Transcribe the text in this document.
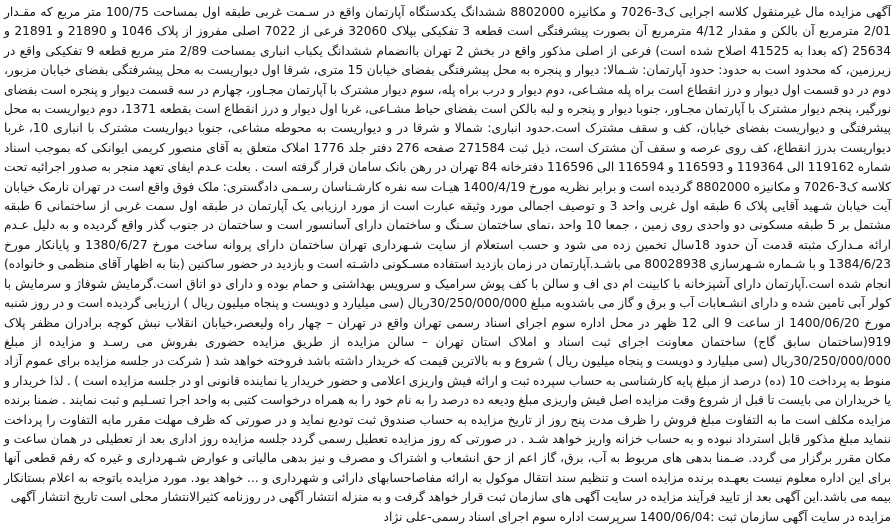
آگهی مزایده مال غیرمنقول کلاسه اجرایی ک3-7026 و مکانیزه 8802000 ششدانگ یکدستگاه آپارتمان واقع در سـمت غربی طبقه اول بمساحت 100/75 متر مربع که مقـدار 2/01 مترمربع آن بالکن و مقدار 4/12 مترمربع آن بصورت پیشرفتگی است قطعه 3 تفکیکی بپلاک 32060 فرعی از 7022 اصلی مفروز از پلاک 1046 و 21890 و 21891 و 25634 (که بعدا به 41525 اصلاح شده است) فرعی از اصلی مذکور واقع در بخش 2 تهران باانضمام ششدانگ یکباب انباری بمساحت 2/89 متر مربع قطعه 9 تفکیکی واقع در زیرزمین، که محدود است به حدود: حدود آپارتمان: شـمالا: دیوار و پنجره به محل پیشرفتگی بفضای خیابان 15 متری، شرقا اول دیواریست به محل پیشرفتگی بفضای خیابان مزبور، دوم در دو قسمت اول دیوار و درز انقطاع است براه پله مشـاعی، دوم دیوار و درب براه پله، سوم دیوار مشترک با آپارتمان مجـاور، چهارم در سه قسمت دیوار و پنجره است بفضای نورگیر، پنجم دیوار مشترک با آپارتمان مجـاور، جنوبا دیوار و پنجره و لبه بالکن است بفضای حیاط مشـاعی، غربا اول دیوار و درز انقطاع است بقطعه 1371، دوم دیواریست به محل پیشرفتگی و دیواریست بفضای خیابان، کف و سقف مشترک است.حدود انباری: شمالا و شرقا در و دیواریست به محوطه مشاعی، جنوبا دیواریست مشترک با انباری 10، غربا دیواریست بدرز انقطاع، کف روی عرصه و سقف آن مشترک است، ذیل ثبت 271584 صفحه 276 دفتر جلد 1776 املاک متعلق به آقای منصور کریمی ایوانکی که بموجب اسناد شماره 119162 الی 119364 و 116593 و 116594 الی 116596 دفترخانه 84 تهران در رهن بانک سامان قرار گرفته است . بعلت عـدم ایفای تعهد منجر به صدور اجرائیه تحت کلاسه ک3-7026 و مکانیزه 8802000 گردیده است و برابر نظریه مورخ 1400/4/19 هیـات سه نفره کارشـناسان رسـمی دادگستری: ملک فوق واقع است در تهران نارمک خیابان آیت خیابان شـهید آقایی پلاک 6 طبقه اول غربی واحد 3 و توصیف اجمالی مورد وثیقه عبارت است از مورد ارزیابی یک آپارتمان در طبقه اول سمت غربی از ساختمانی 6 طبقه مشتمل بر 5 طبقه مسکونی دو واحدی روی زمین ، جمعا 10 واحد ،نمای ساختمان سـنگ و ساختمان دارای آسانسور است و ساختمان در جنوب گذر واقع گردیده و به دلیل عـدم ارائه مـدارک مثبته قدمت آن حدود 18سال تخمین زده می شود و حسب استعلام از سایت شـهرداری تهران ساختمان دارای پروانه ساخت مورخ 1380/6/27 و پایانکار مورخ 1384/6/23 و با شـماره شـهرسازی 80028938 می باشـد.آپارتمان در زمان بازدید استفاده مسـکونی داشـته است و بازدید در حضور ساکنین (بنا به اظهار آقای منظمی و خانواده) انجام شده است.آپارتمان دارای آشپزخانه با کابینت ام دی اف و سالن با کف پوش سرامیک و سرویس بهداشتی و حمام بوده و دارای دو اتاق است.گرمایش شوفاژ و سرمایش با کولر آبی تامین شده و دارای انشـعابات آب و برق و گاز می باشدوبه مبلغ 30/250/000/000ریال (سی میلیارد و دویست و پنجاه میلیون ریال ) ارزیابی گردیده است و در روز شنبه مورخ 1400/06/20 از ساعت 9 الی 12 ظهر در محل اداره سوم اجرای اسناد رسمی تهران واقع در تهران – چهار راه ولیعصر،خیابان انقلاب نبش کوچه برادران مظفر پلاک 919(ساختمان سابق گاج) ساختمان معاونت اجرای ثبت اسناد و املاک استان تهران – سالن مزایده از طریق مزایده حضوری بفروش می رسـد و مزایده از مبلغ 30/250/000/000ریال (سی میلیارد و دویست و پنجاه میلیون ریال ) شروع و به بالاترین قیمت که خریدار داشته باشد فروخته خواهد شد ( شرکت در جلسه مزایده برای عموم آزاد منوط به پرداخت 10 (ده) درصد از مبلغ پایه کارشناسی به حساب سپرده ثبت و ارائه فیش واریزی اعلامی و حضور خریدار یا نماینده قانونی او در جلسه مزایده است ) . لذا خریدار و یا خریداران می بایست تا قبل از شروع وقت مزایده اصل فیش واریزی مبلغ ودیعه ده درصد را به نام خود را به همراه درخواست کتبی به واحد اجرا تسـلیم و ثبت نمایند . ضمنا برنده مزایده مکلف است ما به التفاوت مبلغ فروش را ظرف مدت پنج روز از تاریخ مزایده به حساب صندوق ثبت تودیع نماید و در صورتی که ظرف مهلت مقرر مابه التفاوت را پرداخت ننماید مبلغ مذکور قابل استرداد نبوده و به حساب خزانه واریز خواهد شـد . در صورتی که روز مزایده تعطیل رسمی گردد جلسه مزایده روز اداری بعد از تعطیلی در همان ساعت و مکان مقرر برگزار می گردد. ضـمنا بدهی های مربوط به آب، برق، گاز اعم از حق انشعاب و اشتراک و مصرف و نیز بدهی مالیاتی و عوارض شـهرداری و غیره که رقم قطعی آنها برای این اداره معلوم نیست بعهـده برنده مزایده است و تنظیم سند انتقال موکول به ارائه مفاصاحسابهای دارائی و شهرداری و ... خواهد بود. مورد مزایده باتوجه به اعلام بستانکار بیمه می باشد.این آگهی بعد از تایید فرآیند مزایده در سایت آگهی های سازمان ثبت قرار خواهد گرفت و به منزله انتشار آگهی در روزنامه کثیرالانتشار محلی است تاریخ انتشار آگهی

مزایده در سایت آگهی سازمان ثبت :1400/06/04 سرپرست اداره سوم اجرای اسناد رسمی-علی نژاد
